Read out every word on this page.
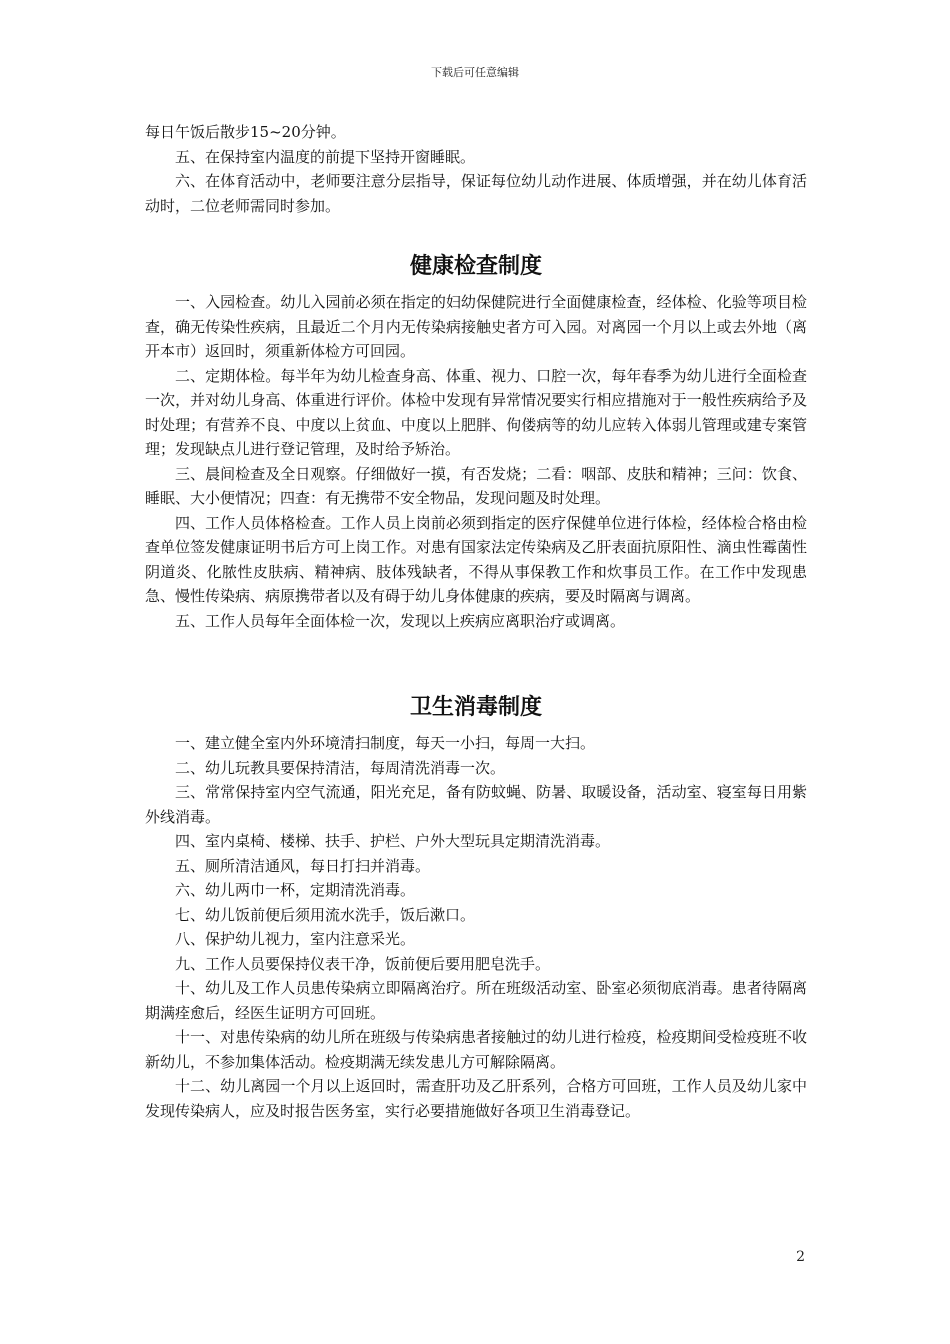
下载后可任意编辑

每日午饭后散步15~20分钟。

五、在保持室内温度的前提下坚持开窗睡眠。

六、在体育活动中，老师要注意分层指导，保证每位幼儿动作进展、体质增强，并在幼儿体育活动时，二位老师需同时参加。

健康检查制度

一、入园检查。幼儿入园前必须在指定的妇幼保健院进行全面健康检查，经体检、化验等项目检查，确无传染性疾病，且最近二个月内无传染病接触史者方可入园。对离园一个月以上或去外地（离开本市）返回时，须重新体检方可回园。

二、定期体检。每半年为幼儿检查身高、体重、视力、口腔一次，每年春季为幼儿进行全面检查一次，并对幼儿身高、体重进行评价。体检中发现有异常情况要实行相应措施对于一般性疾病给予及时处理；有营养不良、中度以上贫血、中度以上肥胖、佝偻病等的幼儿应转入体弱儿管理或建专案管理；发现缺点儿进行登记管理，及时给予矫治。

三、晨间检查及全日观察。仔细做好一摸，有否发烧；二看：咽部、皮肤和精神；三问：饮食、睡眠、大小便情况；四查：有无携带不安全物品，发现问题及时处理。

四、工作人员体格检查。工作人员上岗前必须到指定的医疗保健单位进行体检，经体检合格由检查单位签发健康证明书后方可上岗工作。对患有国家法定传染病及乙肝表面抗原阳性、滴虫性霉菌性阴道炎、化脓性皮肤病、精神病、肢体残缺者，不得从事保教工作和炊事员工作。在工作中发现患急、慢性传染病、病原携带者以及有碍于幼儿身体健康的疾病，要及时隔离与调离。

五、工作人员每年全面体检一次，发现以上疾病应离职治疗或调离。

卫生消毒制度

一、建立健全室内外环境清扫制度，每天一小扫，每周一大扫。

二、幼儿玩教具要保持清洁，每周清洗消毒一次。

三、常常保持室内空气流通，阳光充足，备有防蚊蝇、防暑、取暖设备，活动室、寝室每日用紫外线消毒。

四、室内桌椅、楼梯、扶手、护栏、户外大型玩具定期清洗消毒。

五、厕所清洁通风，每日打扫并消毒。

六、幼儿两巾一杯，定期清洗消毒。

七、幼儿饭前便后须用流水洗手，饭后漱口。

八、保护幼儿视力，室内注意采光。

九、工作人员要保持仪表干净，饭前便后要用肥皂洗手。

十、幼儿及工作人员患传染病立即隔离治疗。所在班级活动室、卧室必须彻底消毒。患者待隔离期满痊愈后，经医生证明方可回班。

十一、对患传染病的幼儿所在班级与传染病患者接触过的幼儿进行检疫，检疫期间受检疫班不收新幼儿，不参加集体活动。检疫期满无续发患儿方可解除隔离。

十二、幼儿离园一个月以上返回时，需查肝功及乙肝系列，合格方可回班，工作人员及幼儿家中发现传染病人，应及时报告医务室，实行必要措施做好各项卫生消毒登记。

2
